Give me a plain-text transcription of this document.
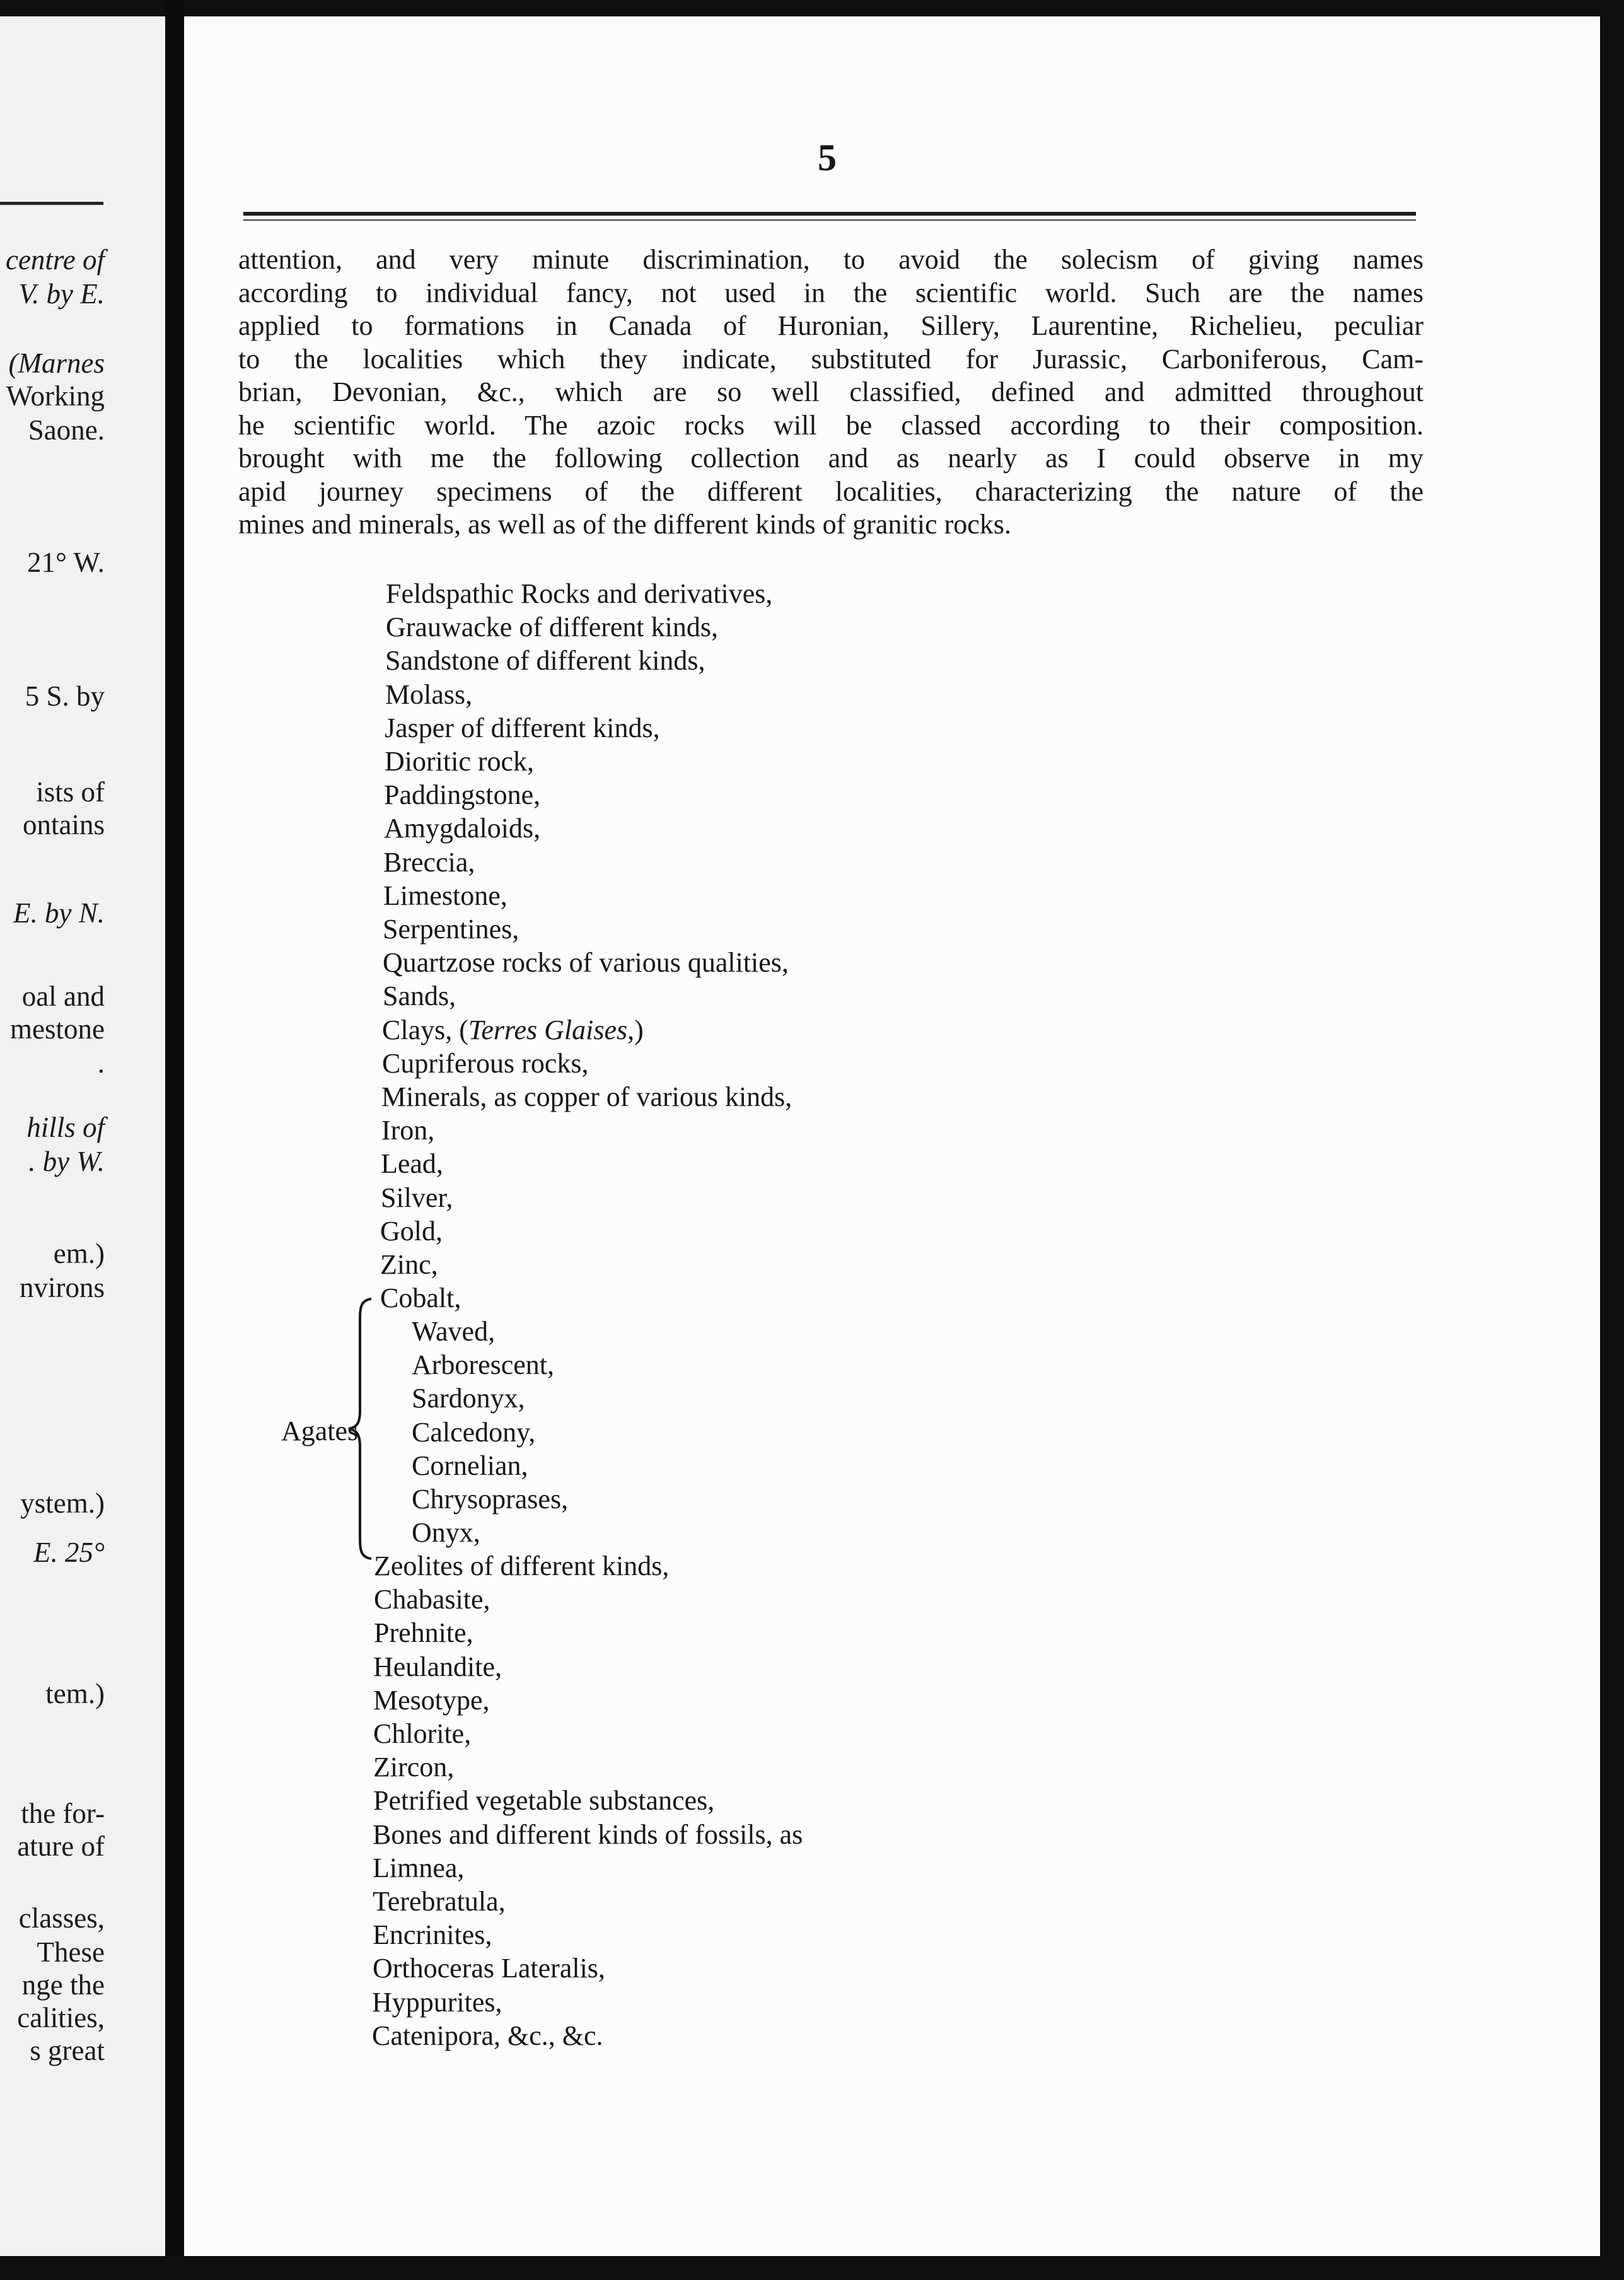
centre of
V. by E.
(Marnes
Working
Saone.
21° W.
5 S. by
ists of
ontains
E. by N.
oal and
mestone
.
hills of
. by W.
em.)
nvirons
ystem.)
E. 25°
tem.)
the for-
ature of
classes,
These
nge the
calities,
s great
5
attention, and very minute discrimination, to avoid the solecism of giving names
according to individual fancy, not used in the scientific world. Such are the names
applied to formations in Canada of Huronian, Sillery, Laurentine, Richelieu, peculiar
to the localities which they indicate, substituted for Jurassic, Carboniferous, Cam-
brian, Devonian, &c., which are so well classified, defined and admitted throughout
he scientific world. The azoic rocks will be classed according to their composition.
brought with me the following collection and as nearly as I could observe in my
apid journey specimens of the different localities, characterizing the nature of the
mines and minerals, as well as of the different kinds of granitic rocks.
Agates
Feldspathic Rocks and derivatives,
Grauwacke of different kinds,
Sandstone of different kinds,
Molass,
Jasper of different kinds,
Dioritic rock,
Paddingstone,
Amygdaloids,
Breccia,
Limestone,
Serpentines,
Quartzose rocks of various qualities,
Sands,
Clays, (Terres Glaises,)
Cupriferous rocks,
Minerals, as copper of various kinds,
Iron,
Lead,
Silver,
Gold,
Zinc,
Cobalt,
Waved,
Arborescent,
Sardonyx,
Calcedony,
Cornelian,
Chrysoprases,
Onyx,
Zeolites of different kinds,
Chabasite,
Prehnite,
Heulandite,
Mesotype,
Chlorite,
Zircon,
Petrified vegetable substances,
Bones and different kinds of fossils, as
Limnea,
Terebratula,
Encrinites,
Orthoceras Lateralis,
Hyppurites,
Catenipora, &c., &c.
